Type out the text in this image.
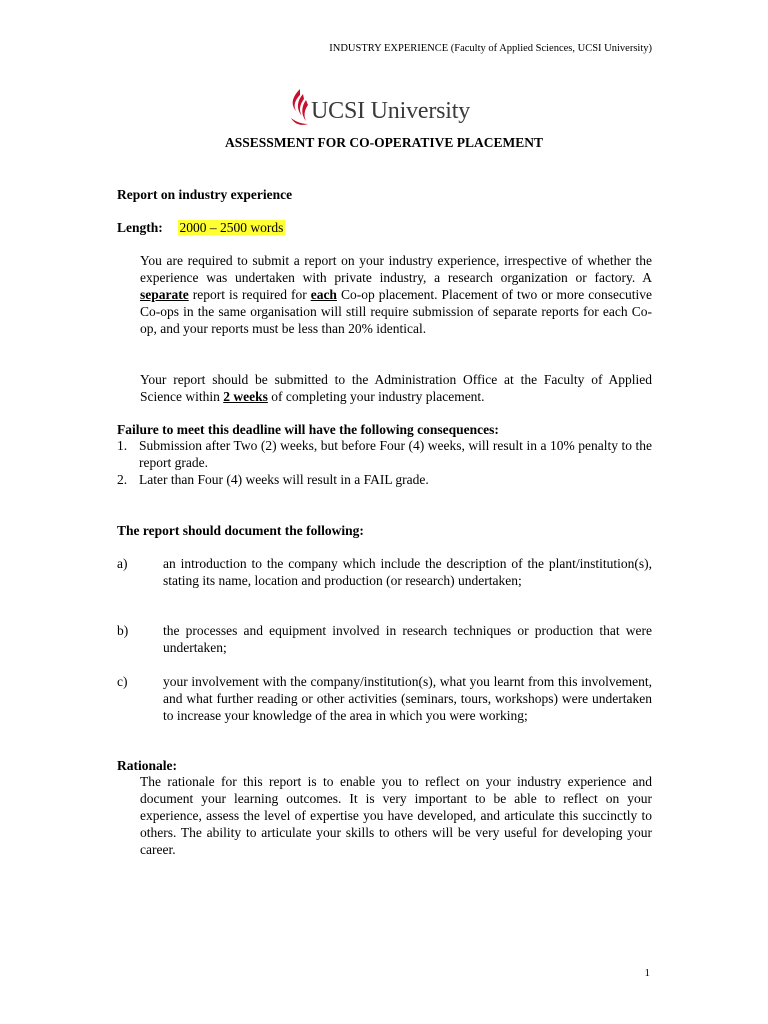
INDUSTRY EXPERIENCE (Faculty of Applied Sciences, UCSI University)
UCSI University
ASSESSMENT FOR CO-OPERATIVE PLACEMENT
Report on industry experience
Length: 2000 – 2500 words

You are required to submit a report on your industry experience, irrespective of whether the experience was undertaken with private industry, a research organization or factory. A separate report is required for each Co-op placement. Placement of two or more consecutive Co-ops in the same organisation will still require submission of separate reports for each Co-op, and your reports must be less than 20% identical.

Your report should be submitted to the Administration Office at the Faculty of Applied Science within 2 weeks of completing your industry placement.

Failure to meet this deadline will have the following consequences:
1. Submission after Two (2) weeks, but before Four (4) weeks, will result in a 10% penalty to the report grade.
2. Later than Four (4) weeks will result in a FAIL grade.
The report should document the following:
a)	an introduction to the company which include the description of the plant/institution(s), stating its name, location and production (or research) undertaken;
b)	the processes and equipment involved in research techniques or production that were undertaken;
c)	your involvement with the company/institution(s), what you learnt from this involvement, and what further reading or other activities (seminars, tours, workshops) were undertaken to increase your knowledge of the area in which you were working;
Rationale:
The rationale for this report is to enable you to reflect on your industry experience and document your learning outcomes. It is very important to be able to reflect on your experience, assess the level of expertise you have developed, and articulate this succinctly to others. The ability to articulate your skills to others will be very useful for developing your career.
1
